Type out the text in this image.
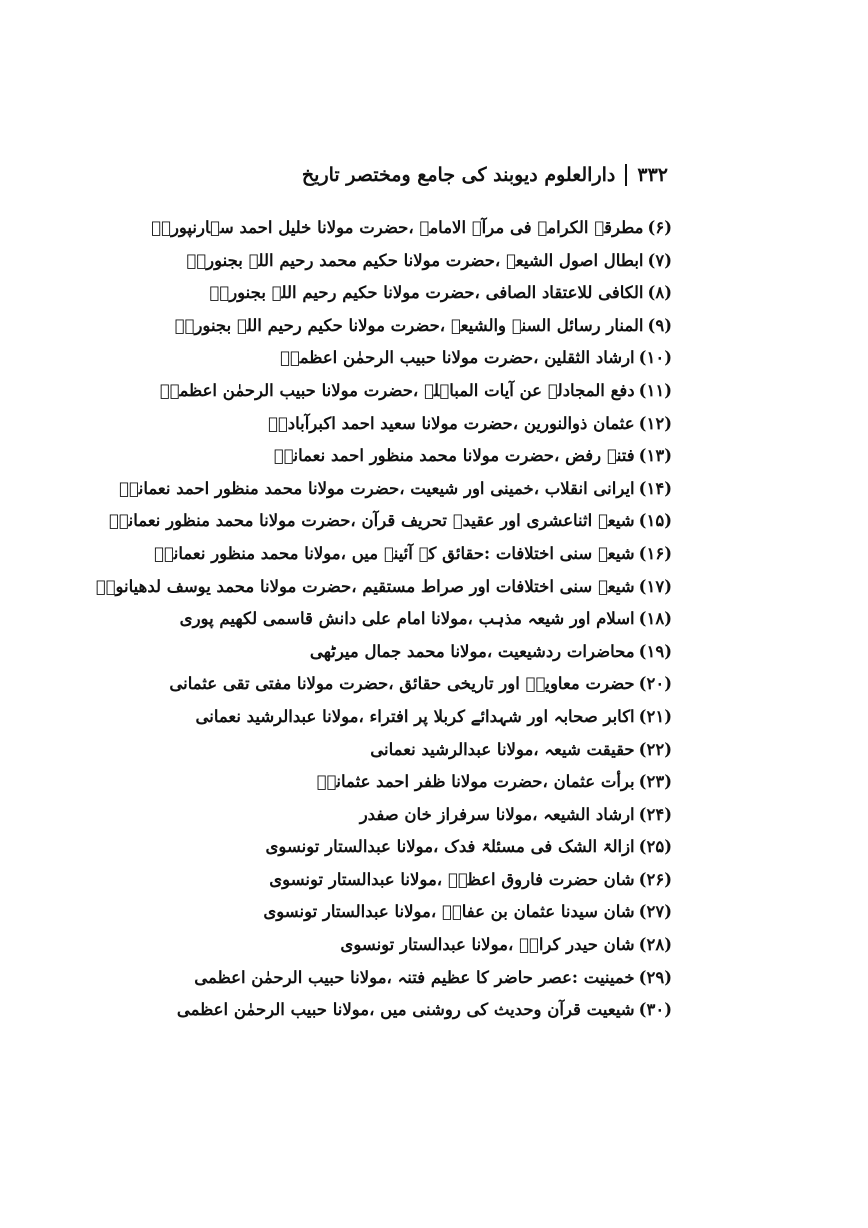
۳۳۲
دارالعلوم دیوبند کی جامع ومختصر تاریخ
(۶)مطرقۃ الکرامۃ فی مرآۃ الامامۃ ،حضرت مولانا خلیل احمد سہارنپوریؒ
(۷)ابطال اصول الشیعہ ،حضرت مولانا حکیم محمد رحیم اللہ بجنوریؒ
(۸)الکافی للاعتقاد الصافی ،حضرت مولانا حکیم رحیم اللہ بجنوریؒ
(۹)المنار رسائل السنۃ والشیعہ ،حضرت مولانا حکیم رحیم اللہ بجنوریؒ
(۱۰)ارشاد الثقلین ،حضرت مولانا حبیب الرحمٰن اعظمیؒ
(۱۱)دفع المجادلہ عن آیات المباہلہ ،حضرت مولانا حبیب الرحمٰن اعظمیؒ
(۱۲)عثمان ذوالنورین ،حضرت مولانا سعید احمد اکبرآبادیؒ
(۱۳)فتنۂ رفض ،حضرت مولانا محمد منظور احمد نعمانیؒ
(۱۴)ایرانی انقلاب ،خمینی اور شیعیت ،حضرت مولانا محمد منظور احمد نعمانیؒ
(۱۵)شیعہ اثناعشری اور عقیدۂ تحریف قرآن ،حضرت مولانا محمد منظور نعمانیؒ
(۱۶)شیعہ سنی اختلافات :حقائق کے آئینہ میں ،مولانا محمد منظور نعمانیؒ
(۱۷)شیعہ سنی اختلافات اور صراط مستقیم ،حضرت مولانا محمد یوسف لدھیانویؒ
(۱۸)اسلام اور شیعہ مذہب ،مولانا امام علی دانش قاسمی لکھیم پوری
(۱۹)محاضرات ردشیعیت ،مولانا محمد جمال میرٹھی
(۲۰)حضرت معاویہؓ اور تاریخی حقائق ،حضرت مولانا مفتی تقی عثمانی
(۲۱)اکابر صحابہ اور شہدائے کربلا پر افتراء ،مولانا عبدالرشید نعمانی
(۲۲)حقیقت شیعہ ،مولانا عبدالرشید نعمانی
(۲۳)برأت عثمان ،حضرت مولانا ظفر احمد عثمانیؒ
(۲۴)ارشاد الشیعہ ،مولانا سرفراز خان صفدر
(۲۵)ازالۃ الشک فی مسئلۃ فدک ،مولانا عبدالستار تونسوی
(۲۶)شان حضرت فاروق اعظمؓ ،مولانا عبدالستار تونسوی
(۲۷)شان سیدنا عثمان بن عفانؓ ،مولانا عبدالستار تونسوی
(۲۸)شان حیدر کرارؓ ،مولانا عبدالستار تونسوی
(۲۹)خمینیت :عصر حاضر کا عظیم فتنہ ،مولانا حبیب الرحمٰن اعظمی
(۳۰)شیعیت قرآن وحدیث کی روشنی میں ،مولانا حبیب الرحمٰن اعظمی
